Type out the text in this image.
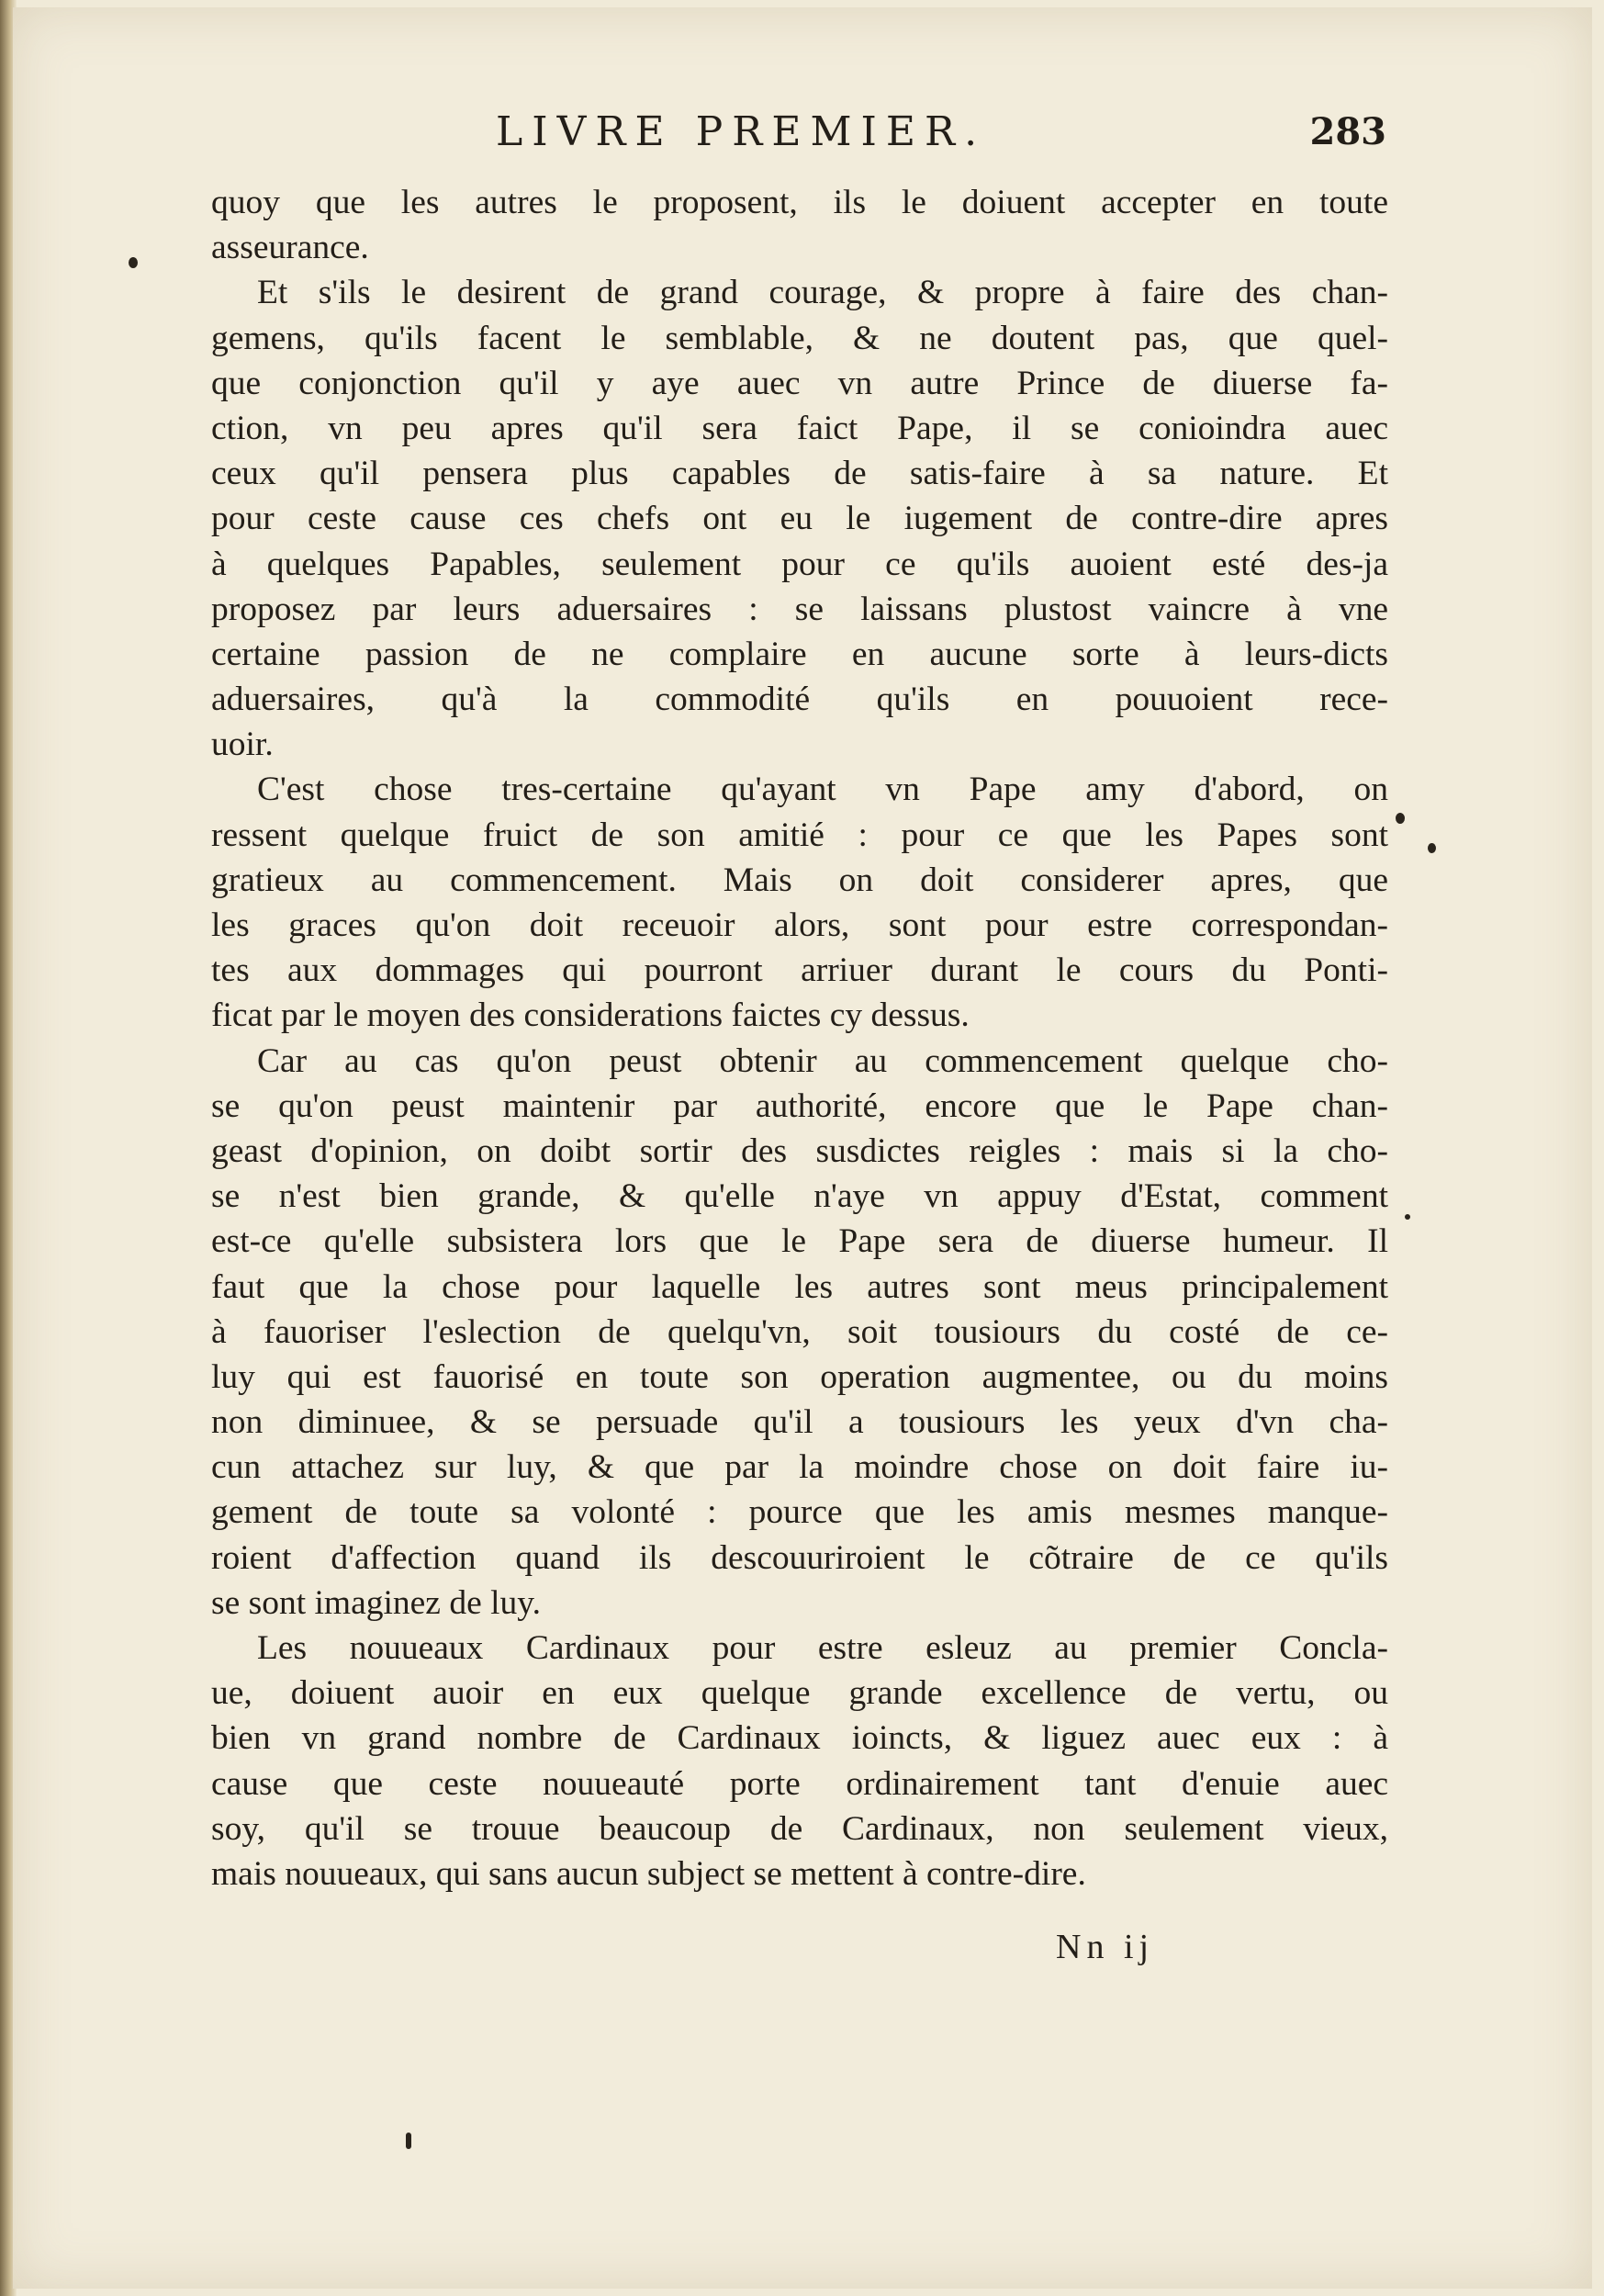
LIVRE PREMIER.	283
quoy que les autres le proposent, ils le doiuent accepter en toute
asseurance.
Et s'ils le desirent de grand courage, & propre à faire des chan-
gemens, qu'ils facent le semblable, & ne doutent pas, que quel-
que conjonction qu'il y aye auec vn autre Prince de diuerse fa-
ction, vn peu apres qu'il sera faict Pape, il se conioindra auec
ceux qu'il pensera plus capables de satis-faire à sa nature. Et
pour ceste cause ces chefs ont eu le iugement de contre-dire apres
à quelques Papables, seulement pour ce qu'ils auoient esté des-ja
proposez par leurs aduersaires : se laissans plustost vaincre à vne
certaine passion de ne complaire en aucune sorte à leurs-dicts
aduersaires, qu'à la commodité qu'ils en pouuoient rece-
uoir.
C'est chose tres-certaine qu'ayant vn Pape amy d'abord, on
ressent quelque fruict de son amitié : pour ce que les Papes sont
gratieux au commencement. Mais on doit considerer apres, que
les graces qu'on doit receuoir alors, sont pour estre correspondan-
tes aux dommages qui pourront arriuer durant le cours du Ponti-
ficat par le moyen des considerations faictes cy dessus.
Car au cas qu'on peust obtenir au commencement quelque cho-
se qu'on peust maintenir par authorité, encore que le Pape chan-
geast d'opinion, on doibt sortir des susdictes reigles : mais si la cho-
se n'est bien grande, & qu'elle n'aye vn appuy d'Estat, comment
est-ce qu'elle subsistera lors que le Pape sera de diuerse humeur. Il
faut que la chose pour laquelle les autres sont meus principalement
à fauoriser l'eslection de quelqu'vn, soit tousiours du costé de ce-
luy qui est fauorisé en toute son operation augmentee, ou du moins
non diminuee, & se persuade qu'il a tousiours les yeux d'vn cha-
cun attachez sur luy, & que par la moindre chose on doit faire iu-
gement de toute sa volonté : pource que les amis mesmes manque-
roient d'affection quand ils descouuriroient le cõtraire de ce qu'ils
se sont imaginez de luy.
Les nouueaux Cardinaux pour estre esleuz au premier Concla-
ue, doiuent auoir en eux quelque grande excellence de vertu, ou
bien vn grand nombre de Cardinaux ioincts, & liguez auec eux : à
cause que ceste nouueauté porte ordinairement tant d'enuie auec
soy, qu'il se trouue beaucoup de Cardinaux, non seulement vieux,
mais nouueaux, qui sans aucun subject se mettent à contre-dire.
Nn ij
